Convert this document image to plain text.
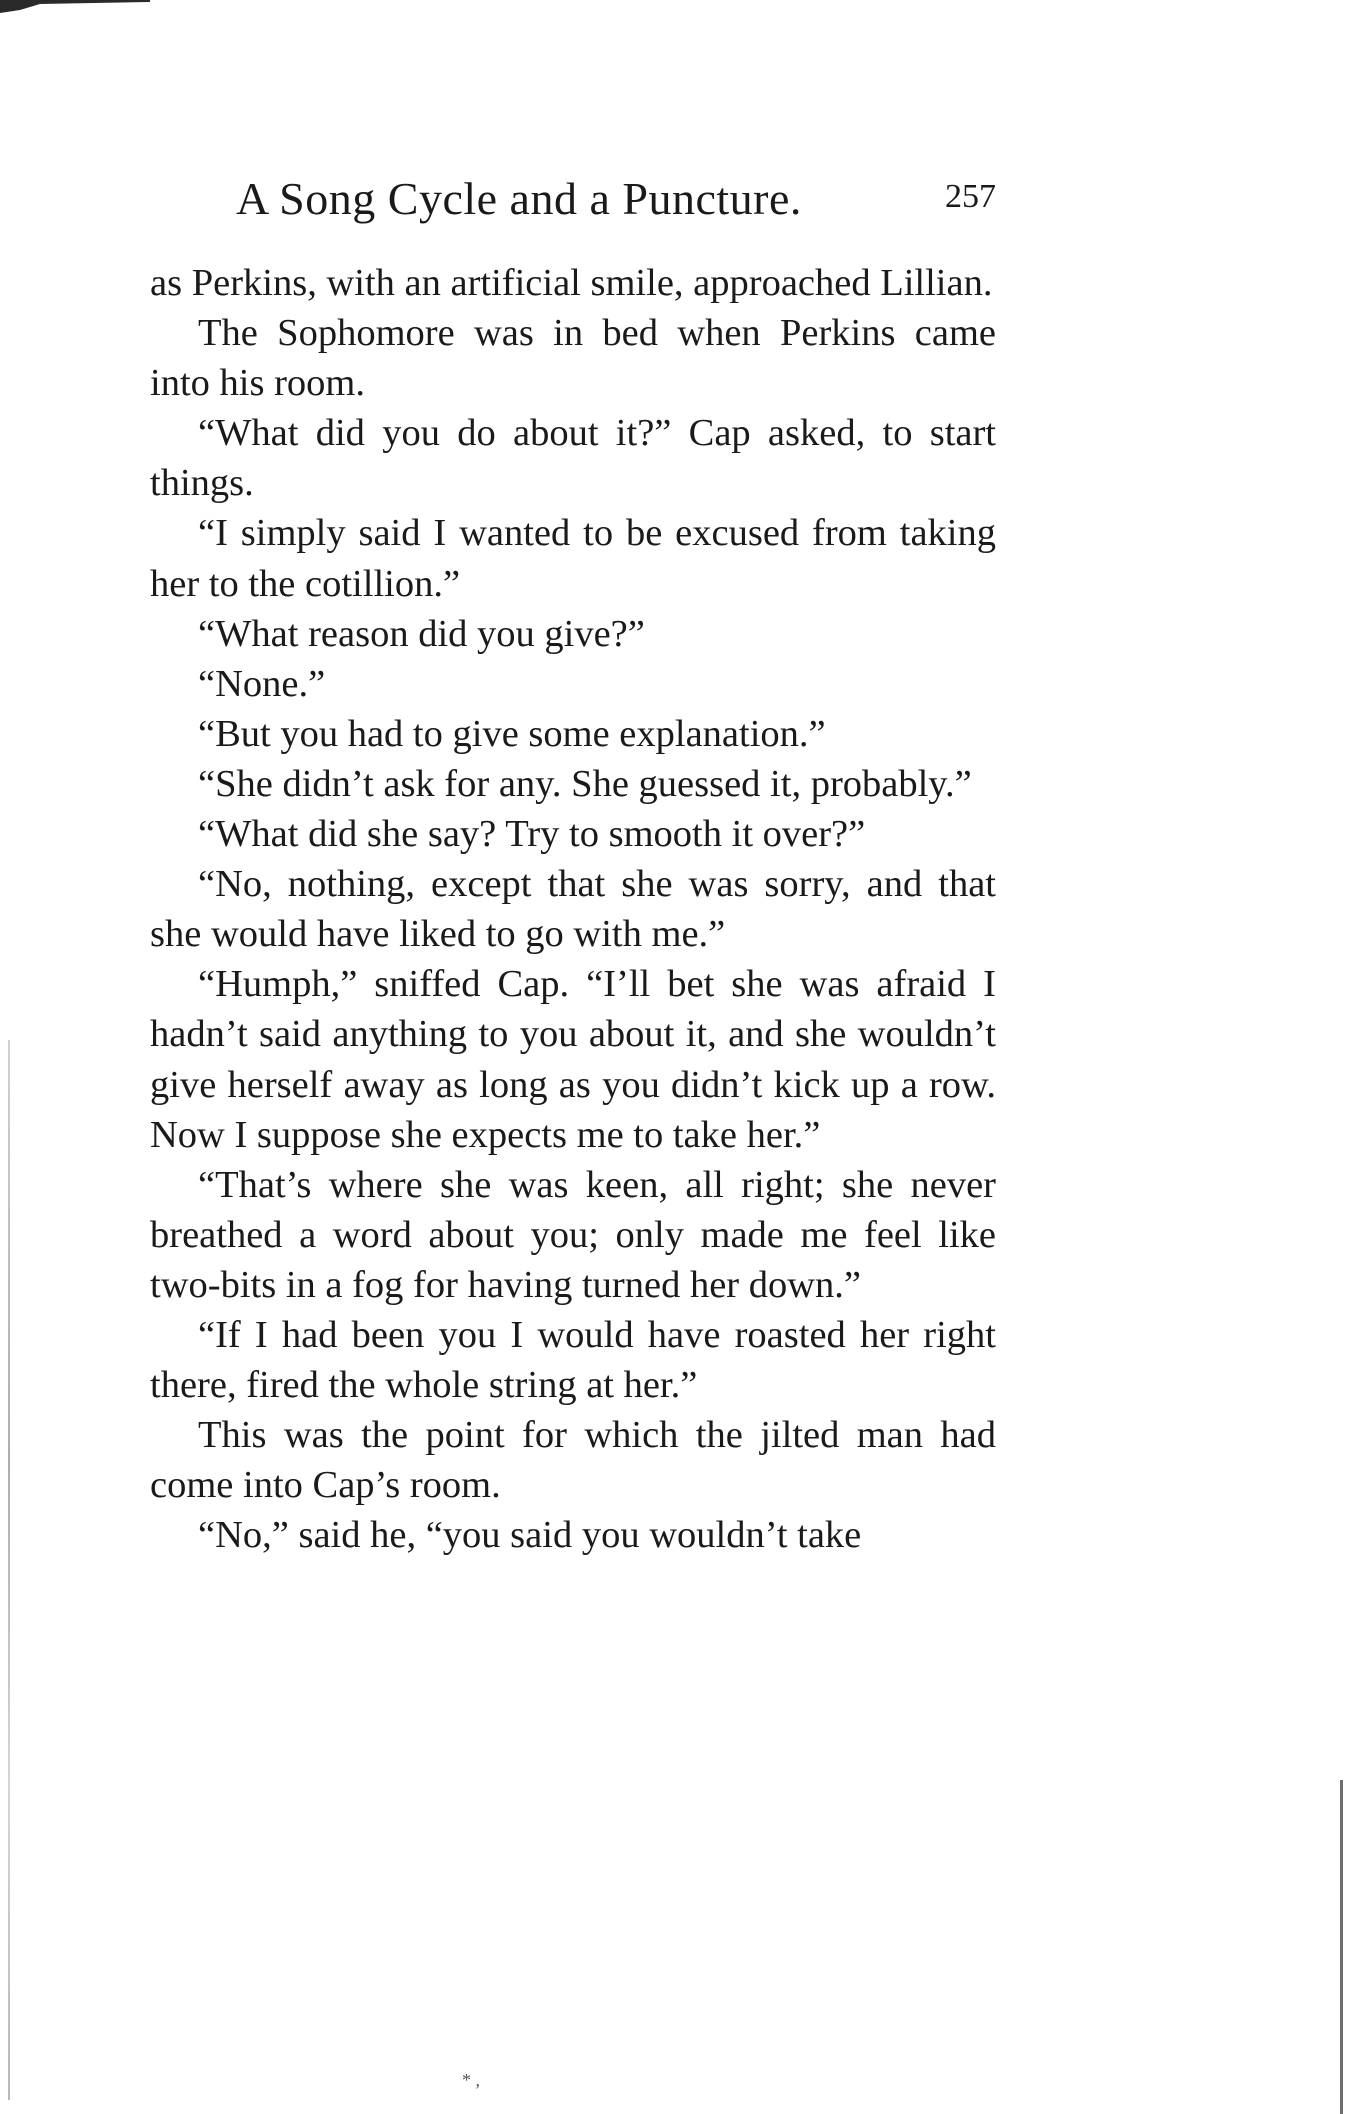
A Song Cycle and a Puncture.	257

as Perkins, with an artificial smile, approached Lillian.

The Sophomore was in bed when Perkins came into his room.

“What did you do about it?” Cap asked, to start things.

“I simply said I wanted to be excused from taking her to the cotillion.”

“What reason did you give?”

“None.”

“But you had to give some explanation.”

“She didn’t ask for any. She guessed it, probably.”

“What did she say? Try to smooth it over?”

“No, nothing, except that she was sorry, and that she would have liked to go with me.”

“Humph,” sniffed Cap. “I’ll bet she was afraid I hadn’t said anything to you about it, and she wouldn’t give herself away as long as you didn’t kick up a row. Now I suppose she expects me to take her.”

“That’s where she was keen, all right; she never breathed a word about you; only made me feel like two-bits in a fog for having turned her down.”

“If I had been you I would have roasted her right there, fired the whole string at her.”

This was the point for which the jilted man had come into Cap’s room.

“No,” said he, “you said you wouldn’t take

* ,
